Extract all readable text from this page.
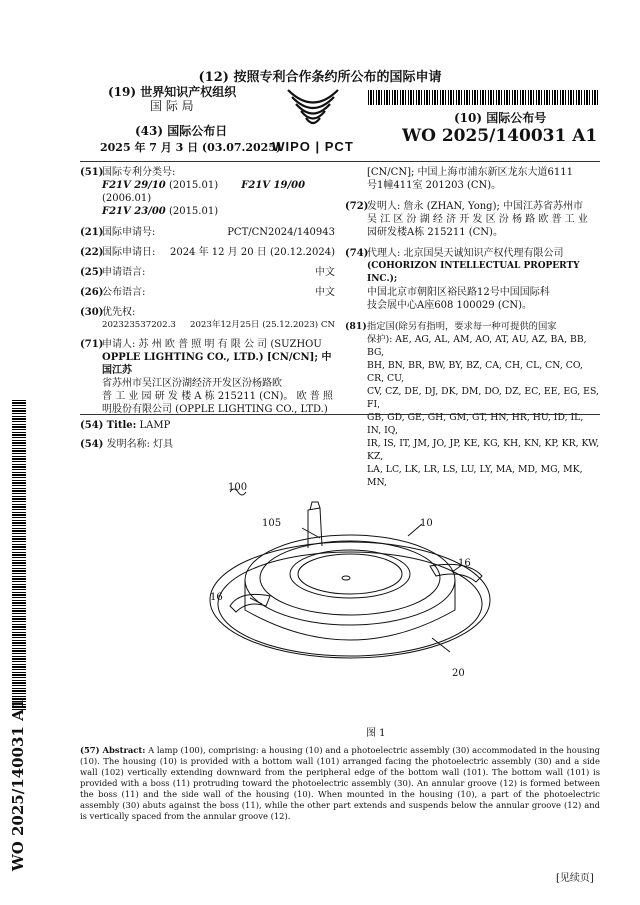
(12) 按照专利合作条约所公布的国际申请
(19) 世界知识产权组织
国 际 局
(43) 国际公布日
2025 年 7 月 3 日 (03.07.2025)
WIPO | PCT
(10) 国际公布号
WO 2025/140031 A1
(51)
国际专利分类号:
F21V 29/10 (2015.01) F21V 19/00 (2006.01)
F21V 23/00 (2015.01)
(21)
国际申请号:	PCT/CN2024/140943
(22)
国际申请日:	2024 年 12 月 20 日 (20.12.2024)
(25)
申请语言:	中文
(26)
公布语言:	中文
(30)
优先权:
202323537202.3	2023年12月25日 (25.12.2023) CN
(71)
申请人: 苏 州 欧 普 照 明 有 限 公 司 (SUZHOU
OPPLE LIGHTING CO., LTD.) [CN/CN]; 中国江苏
省苏州市吴江区汾湖经济开发区汾杨路欧
普 工 业 园 研 发 楼 A 栋 215211 (CN)。 欧 普 照
明股份有限公司 (OPPLE LIGHTING CO., LTD.)
[CN/CN]; 中国上海市浦东新区龙东大道6111
号1幢411室 201203 (CN)。
(72)
发明人: 詹永 (ZHAN, Yong); 中国江苏省苏州市
吴 江 区 汾 湖 经 济 开 发 区 汾 杨 路 欧 普 工 业
园研发楼A栋 215211 (CN)。
(74)
代理人: 北京国昊天诚知识产权代理有限公司
(COHORIZON INTELLECTUAL PROPERTY INC.);
中国北京市朝阳区裕民路12号中国国际科
技会展中心A座608 100029 (CN)。
(81) 指定国(除另有指明，要求每一种可提供的国家
保护): AE, AG, AL, AM, AO, AT, AU, AZ, BA, BB, BG,
BH, BN, BR, BW, BY, BZ, CA, CH, CL, CN, CO, CR, CU,
CV, CZ, DE, DJ, DK, DM, DO, DZ, EC, EE, EG, ES, FI,
GB, GD, GE, GH, GM, GT, HN, HR, HU, ID, IL, IN, IQ,
IR, IS, IT, JM, JO, JP, KE, KG, KH, KN, KP, KR, KW, KZ,
LA, LC, LK, LR, LS, LU, LY, MA, MD, MG, MK, MN,
(54) Title: LAMP
(54) 发明名称: 灯具
100
105	10
16
16
20
图 1
(57) Abstract: A lamp (100), comprising: a housing (10) and a photoelectric assembly (30) accommodated in the housing (10). The housing (10) is provided with a bottom wall (101) arranged facing the photoelectric assembly (30) and a side wall (102) vertically extending downward from the peripheral edge of the bottom wall (101). The bottom wall (101) is provided with a boss (11) protruding toward the photoelectric assembly (30). An annular groove (12) is formed between the boss (11) and the side wall of the housing (10). When mounted in the housing (10), a part of the photoelectric assembly (30) abuts against the boss (11), while the other part extends and suspends below the annular groove (12) and is vertically spaced from the annular groove (12).
WO 2025/140031 A1
[见续页]
